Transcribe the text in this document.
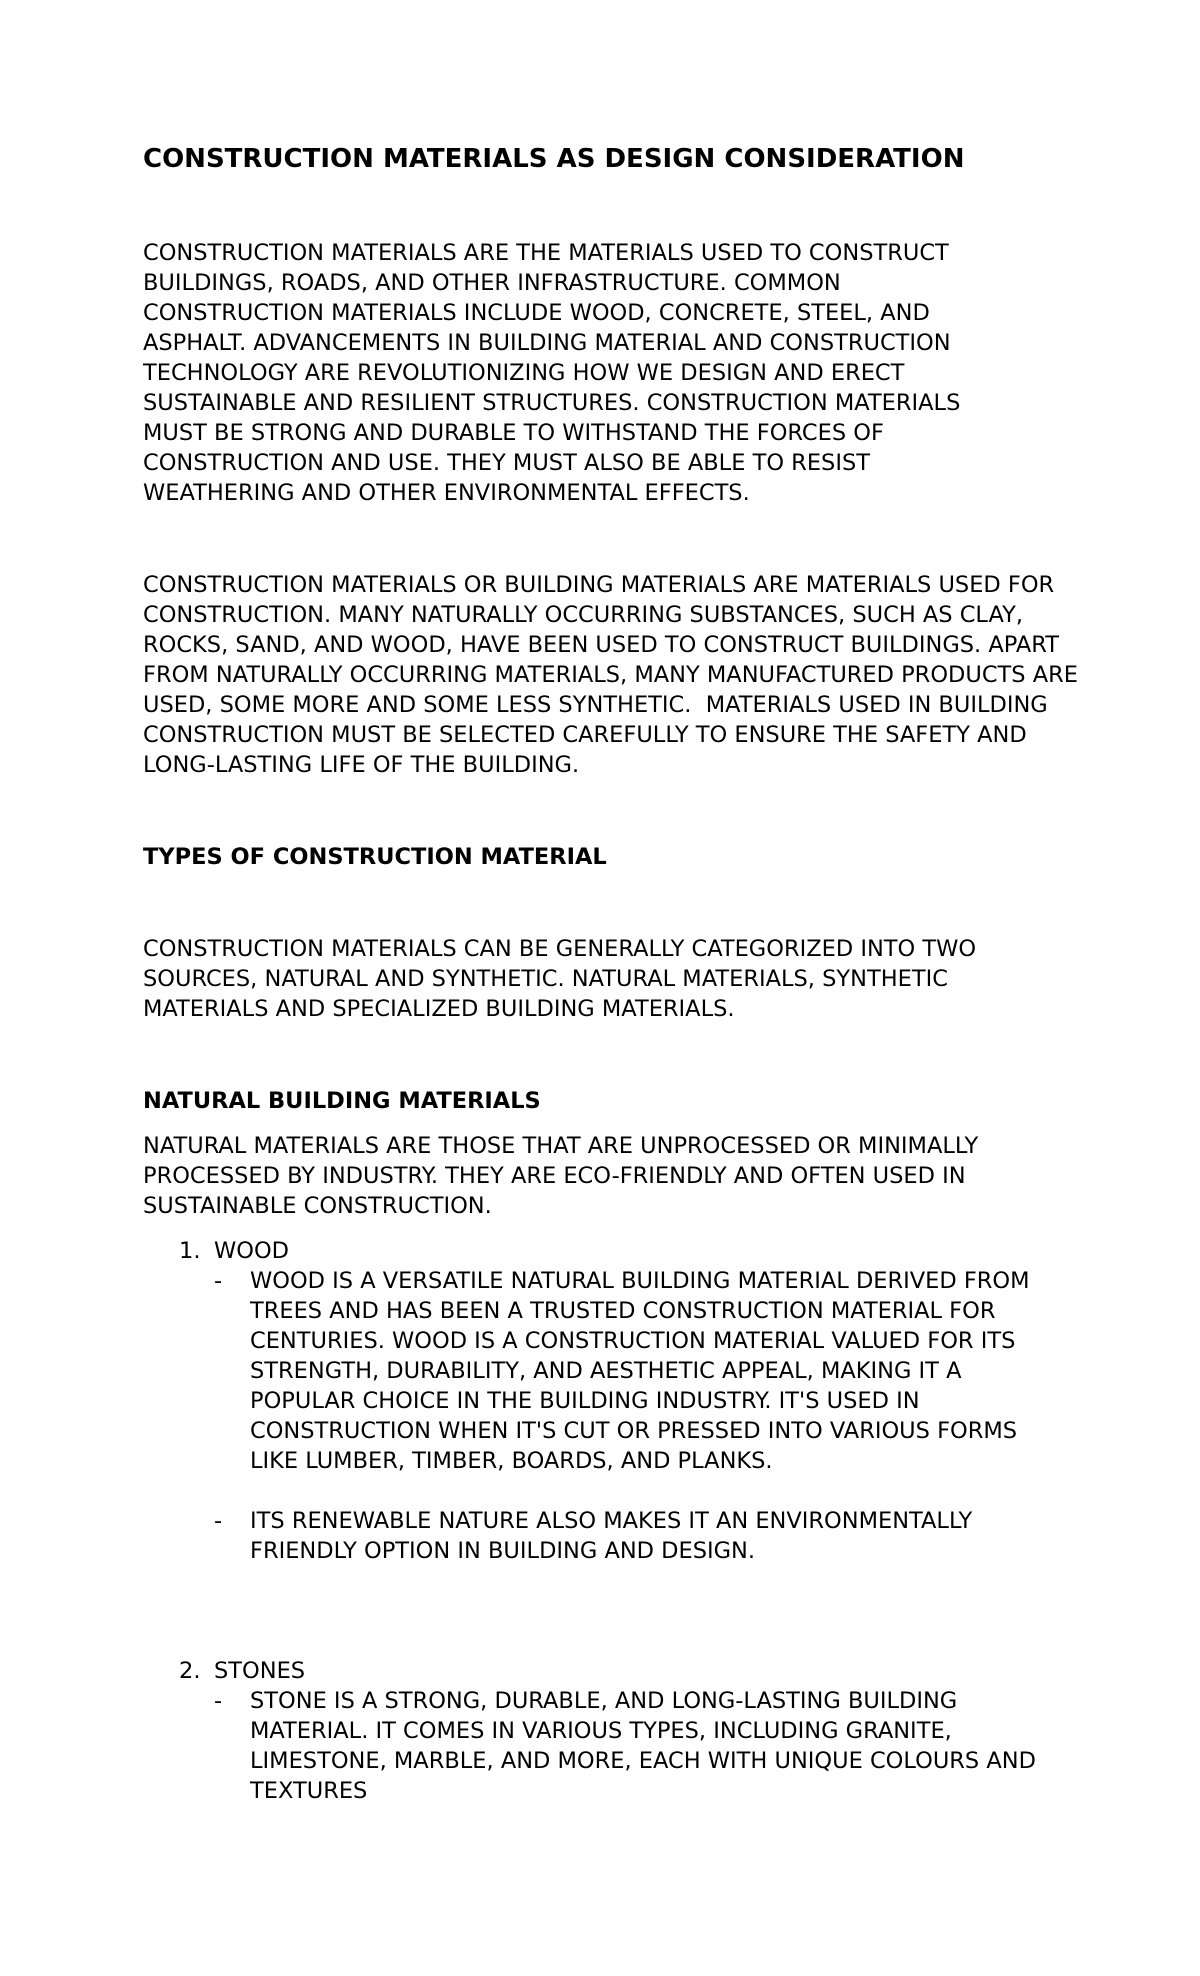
CONSTRUCTION MATERIALS AS DESIGN CONSIDERATION

CONSTRUCTION MATERIALS ARE THE MATERIALS USED TO CONSTRUCT BUILDINGS, ROADS, AND OTHER INFRASTRUCTURE. COMMON CONSTRUCTION MATERIALS INCLUDE WOOD, CONCRETE, STEEL, AND ASPHALT. ADVANCEMENTS IN BUILDING MATERIAL AND CONSTRUCTION TECHNOLOGY ARE REVOLUTIONIZING HOW WE DESIGN AND ERECT SUSTAINABLE AND RESILIENT STRUCTURES. CONSTRUCTION MATERIALS MUST BE STRONG AND DURABLE TO WITHSTAND THE FORCES OF CONSTRUCTION AND USE. THEY MUST ALSO BE ABLE TO RESIST WEATHERING AND OTHER ENVIRONMENTAL EFFECTS.

CONSTRUCTION MATERIALS OR BUILDING MATERIALS ARE MATERIALS USED FOR CONSTRUCTION. MANY NATURALLY OCCURRING SUBSTANCES, SUCH AS CLAY, ROCKS, SAND, AND WOOD, HAVE BEEN USED TO CONSTRUCT BUILDINGS. APART FROM NATURALLY OCCURRING MATERIALS, MANY MANUFACTURED PRODUCTS ARE USED, SOME MORE AND SOME LESS SYNTHETIC.  MATERIALS USED IN BUILDING CONSTRUCTION MUST BE SELECTED CAREFULLY TO ENSURE THE SAFETY AND LONG-LASTING LIFE OF THE BUILDING.

TYPES OF CONSTRUCTION MATERIAL

CONSTRUCTION MATERIALS CAN BE GENERALLY CATEGORIZED INTO TWO SOURCES, NATURAL AND SYNTHETIC. NATURAL MATERIALS, SYNTHETIC MATERIALS AND SPECIALIZED BUILDING MATERIALS.

NATURAL BUILDING MATERIALS

NATURAL MATERIALS ARE THOSE THAT ARE UNPROCESSED OR MINIMALLY PROCESSED BY INDUSTRY. THEY ARE ECO-FRIENDLY AND OFTEN USED IN SUSTAINABLE CONSTRUCTION.

1. WOOD
- WOOD IS A VERSATILE NATURAL BUILDING MATERIAL DERIVED FROM TREES AND HAS BEEN A TRUSTED CONSTRUCTION MATERIAL FOR CENTURIES. WOOD IS A CONSTRUCTION MATERIAL VALUED FOR ITS STRENGTH, DURABILITY, AND AESTHETIC APPEAL, MAKING IT A POPULAR CHOICE IN THE BUILDING INDUSTRY. IT'S USED IN CONSTRUCTION WHEN IT'S CUT OR PRESSED INTO VARIOUS FORMS LIKE LUMBER, TIMBER, BOARDS, AND PLANKS.
- ITS RENEWABLE NATURE ALSO MAKES IT AN ENVIRONMENTALLY FRIENDLY OPTION IN BUILDING AND DESIGN.
2. STONES
- STONE IS A STRONG, DURABLE, AND LONG-LASTING BUILDING MATERIAL. IT COMES IN VARIOUS TYPES, INCLUDING GRANITE, LIMESTONE, MARBLE, AND MORE, EACH WITH UNIQUE COLOURS AND TEXTURES
